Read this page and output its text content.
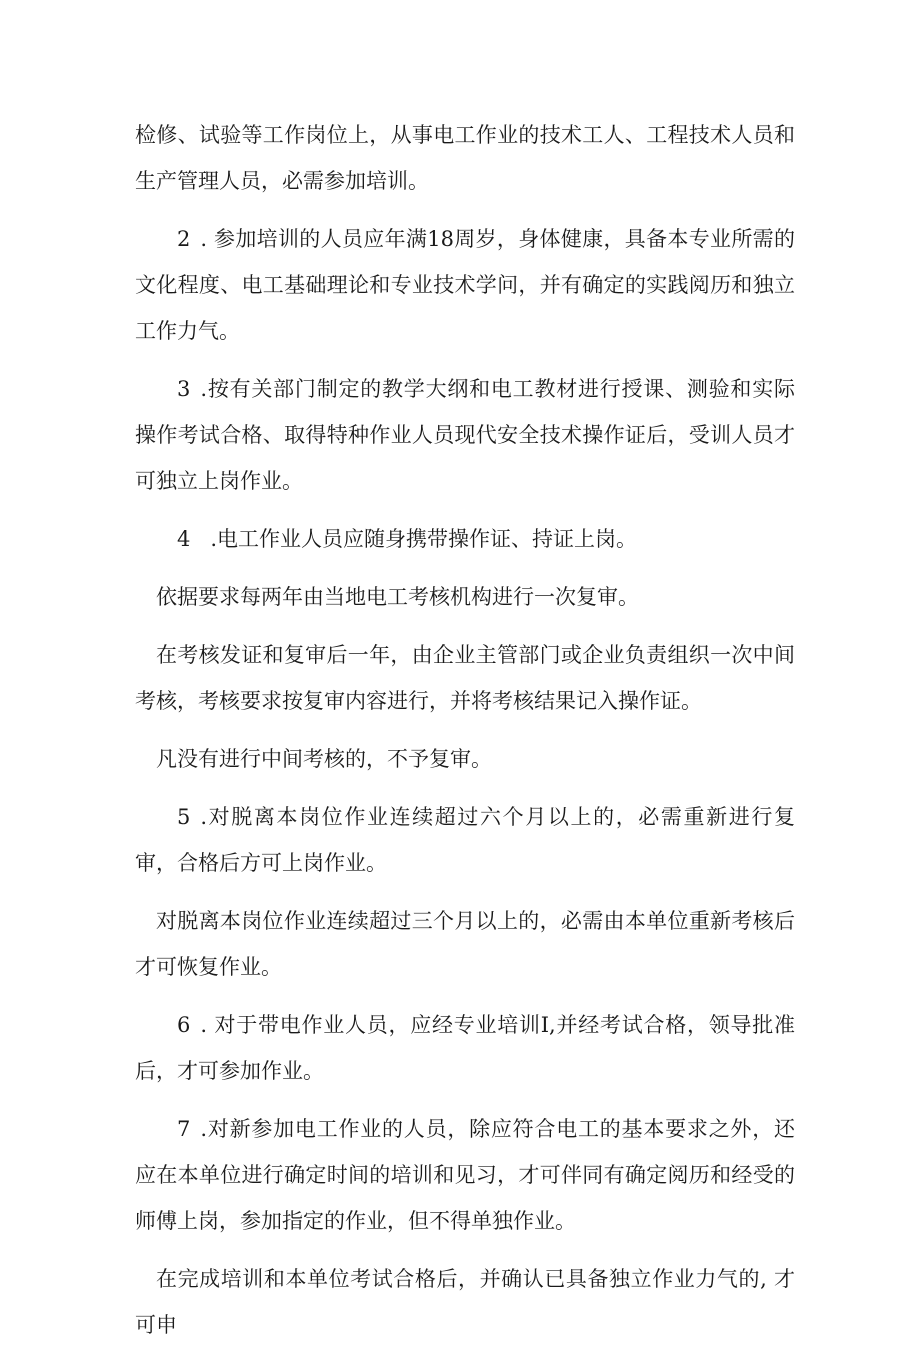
检修、试验等工作岗位上，从事电工作业的技术工人、工程技术人员和生产管理人员，必需参加培训。

2 . 参加培训的人员应年满18周岁，身体健康，具备本专业所需的文化程度、电工基础理论和专业技术学问，并有确定的实践阅历和独立工作力气。

3 .按有关部门制定的教学大纲和电工教材进行授课、测验和实际操作考试合格、取得特种作业人员现代安全技术操作证后，受训人员才可独立上岗作业。

4 .电工作业人员应随身携带操作证、持证上岗。

依据要求每两年由当地电工考核机构进行一次复审。

在考核发证和复审后一年，由企业主管部门或企业负责组织一次中间考核，考核要求按复审内容进行，并将考核结果记入操作证。

凡没有进行中间考核的，不予复审。

5 .对脱离本岗位作业连续超过六个月以上的，必需重新进行复审，合格后方可上岗作业。

对脱离本岗位作业连续超过三个月以上的，必需由本单位重新考核后才可恢复作业。

6 . 对于带电作业人员，应经专业培训I,并经考试合格，领导批准后，才可参加作业。

7 .对新参加电工作业的人员，除应符合电工的基本要求之外，还应在本单位进行确定时间的培训和见习，才可伴同有确定阅历和经受的师傅上岗，参加指定的作业，但不得单独作业。

在完成培训和本单位考试合格后，并确认已具备独立作业力气的, 才可申
